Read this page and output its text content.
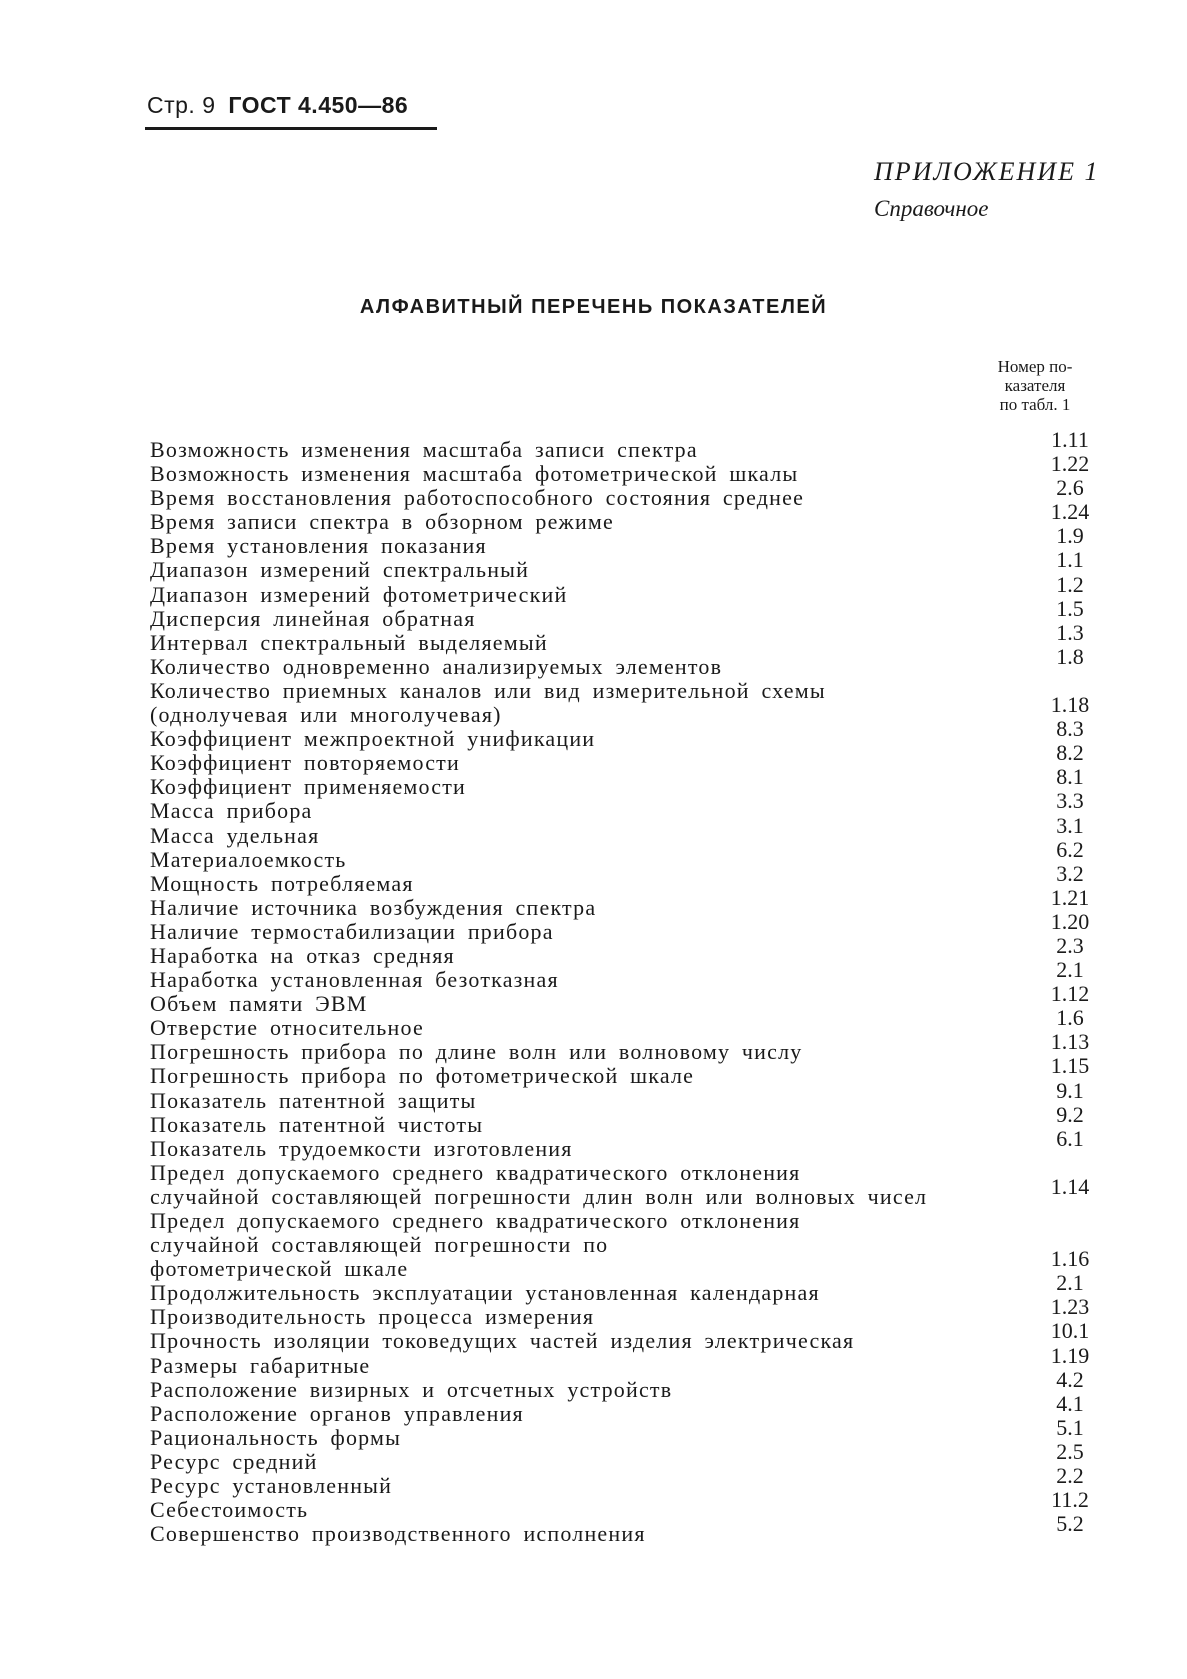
Стр. 9 ГОСТ 4.450—86
ПРИЛОЖЕНИЕ 1
Справочное
АЛФАВИТНЫЙ ПЕРЕЧЕНЬ ПОКАЗАТЕЛЕЙ
Номер по-
казателя
по табл. 1
Возможность изменения масштаба записи спектра	1.11
Возможность изменения масштаба фотометрической шкалы	1.22
Время восстановления работоспособного состояния среднее	2.6
Время записи спектра в обзорном режиме	1.24
Время установления показания	1.9
Диапазон измерений спектральный	1.1
Диапазон измерений фотометрический	1.2
Дисперсия линейная обратная	1.5
Интервал спектральный выделяемый	1.3
Количество одновременно анализируемых элементов	1.8
Количество приемных каналов или вид измерительной схемы
(однолучевая или многолучевая)	1.18
Коэффициент межпроектной унификации	8.3
Коэффициент повторяемости	8.2
Коэффициент применяемости	8.1
Масса прибора	3.3
Масса удельная	3.1
Материалоемкость	6.2
Мощность потребляемая	3.2
Наличие источника возбуждения спектра	1.21
Наличие термостабилизации прибора	1.20
Наработка на отказ средняя	2.3
Наработка установленная безотказная	2.1
Объем памяти ЭВМ	1.12
Отверстие относительное	1.6
Погрешность прибора по длине волн или волновому числу	1.13
Погрешность прибора по фотометрической шкале	1.15
Показатель патентной защиты	9.1
Показатель патентной чистоты	9.2
Показатель трудоемкости изготовления	6.1
Предел допускаемого среднего квадратического отклонения
случайной составляющей погрешности длин волн или волновых чисел	1.14
Предел допускаемого среднего квадратического отклонения
случайной составляющей погрешности по
фотометрической шкале	1.16
Продолжительность эксплуатации установленная календарная	2.1
Производительность процесса измерения	1.23
Прочность изоляции токоведущих частей изделия электрическая	10.1
Размеры габаритные	1.19
Расположение визирных и отсчетных устройств	4.2
Расположение органов управления	4.1
Рациональность формы	5.1
Ресурс средний	2.5
Ресурс установленный	2.2
Себестоимость	11.2
Совершенство производственного исполнения	5.2
